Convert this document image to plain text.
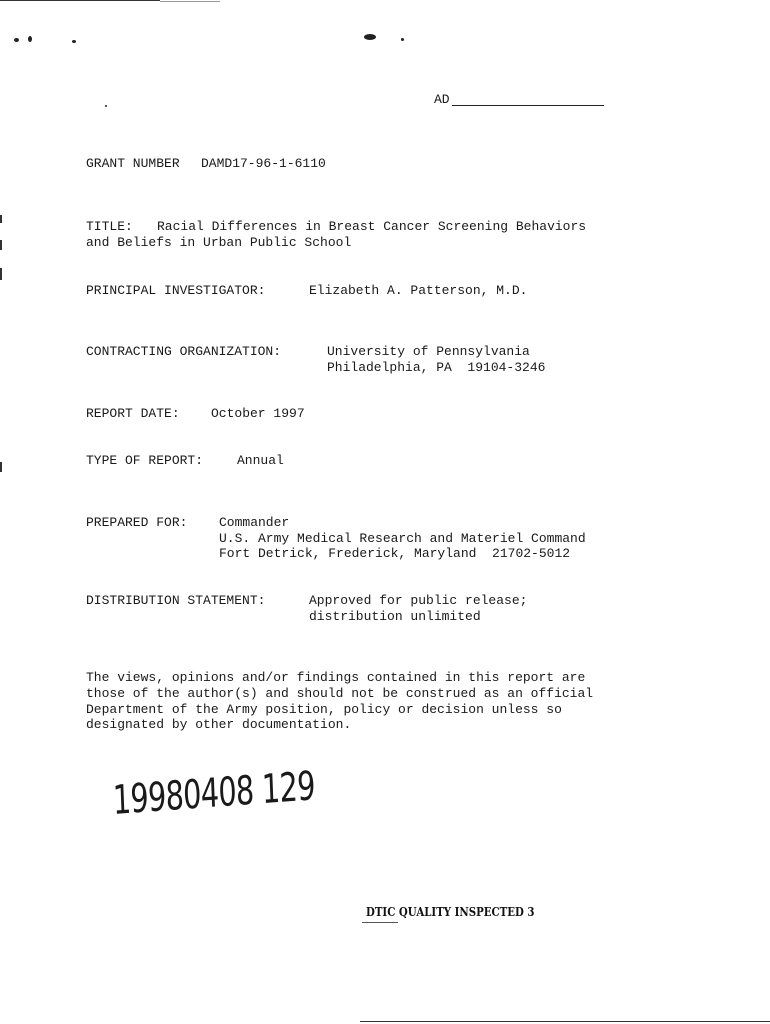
AD
GRANT NUMBER DAMD17-96-1-6110
TITLE: Racial Differences in Breast Cancer Screening Behaviors
and Beliefs in Urban Public School
PRINCIPAL INVESTIGATOR:	Elizabeth A. Patterson, M.D.
CONTRACTING ORGANIZATION:	University of Pennsylvania
Philadelphia, PA  19104-3246
REPORT DATE: October 1997
TYPE OF REPORT:	Annual
PREPARED FOR: Commander
U.S. Army Medical Research and Materiel Command
Fort Detrick, Frederick, Maryland  21702-5012
DISTRIBUTION STATEMENT:	Approved for public release;
distribution unlimited
The views, opinions and/or findings contained in this report are
those of the author(s) and should not be construed as an official
Department of the Army position, policy or decision unless so
designated by other documentation.
19980408 129
DTIC QUALITY INSPECTED 3
